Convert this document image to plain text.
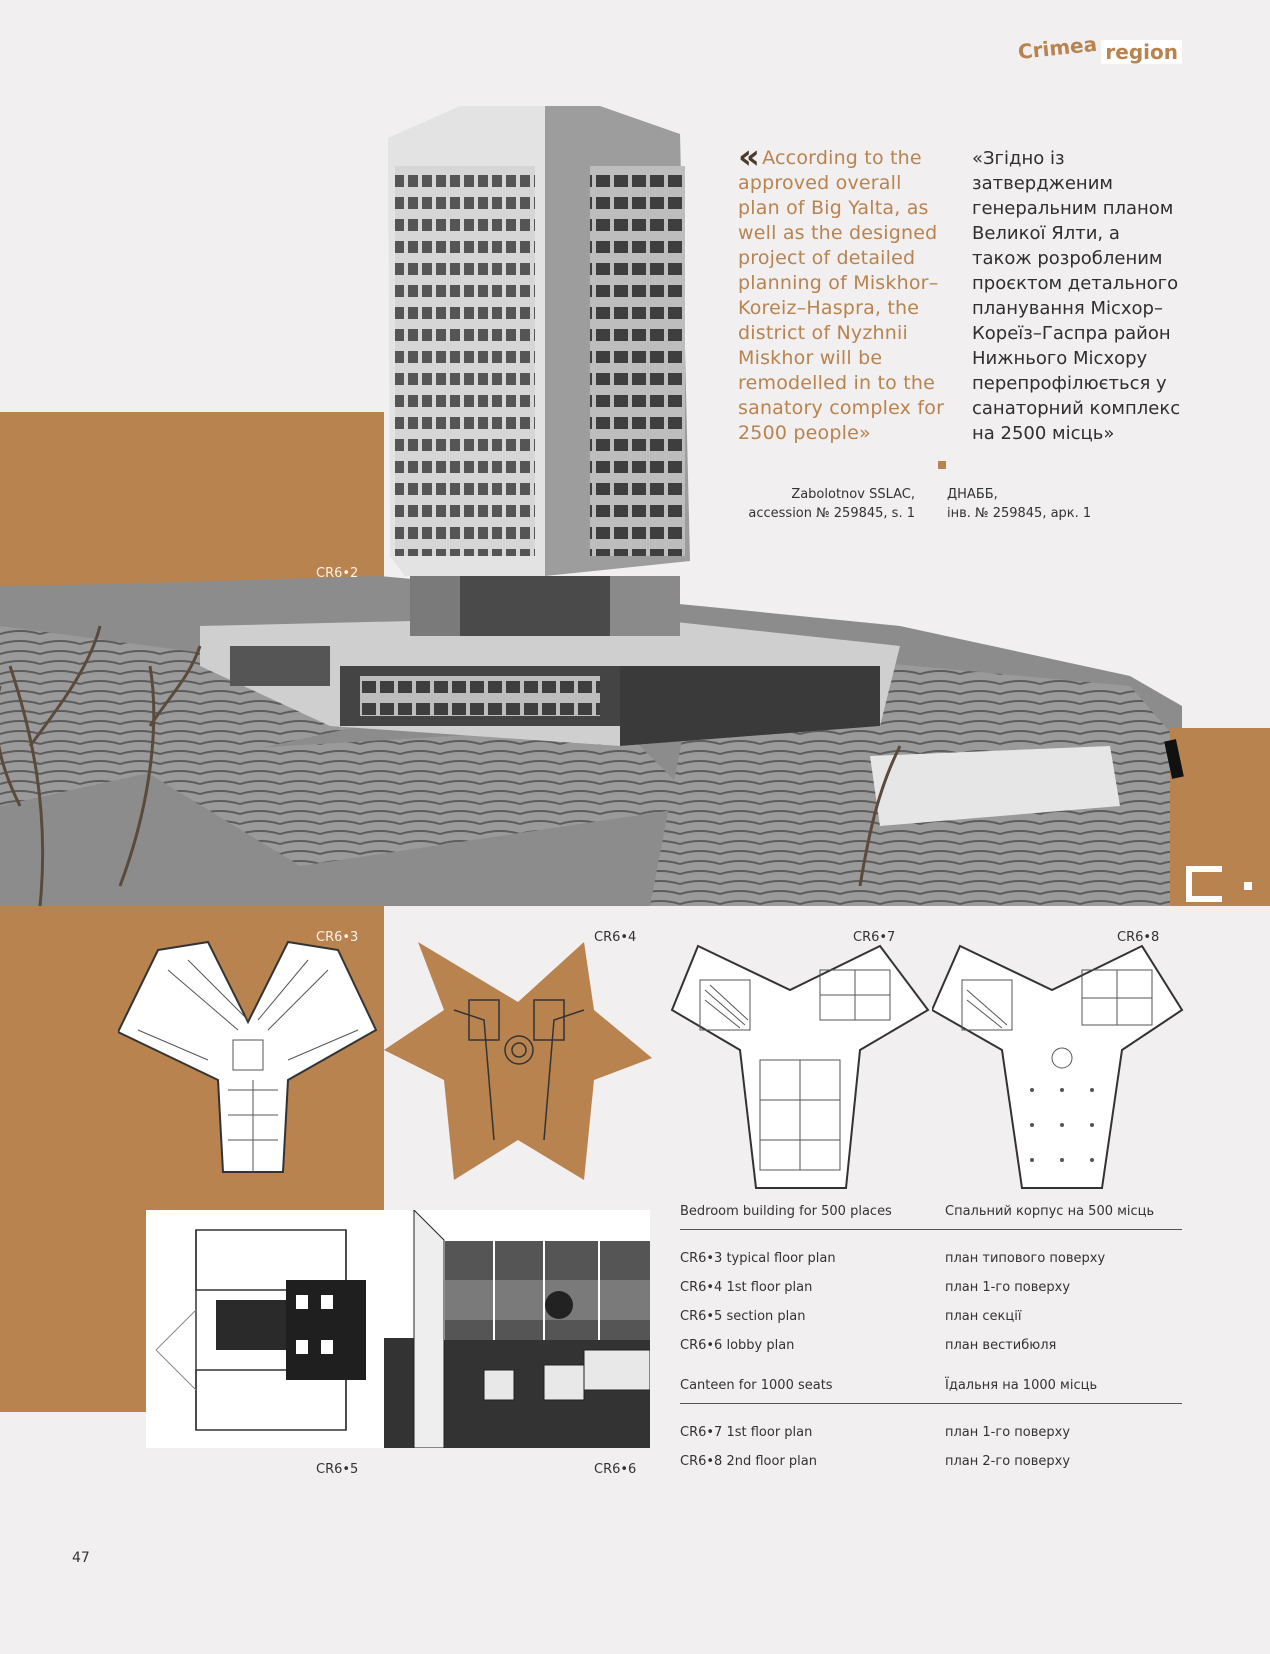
Crimea region
« According to the approved overall plan of Big Yalta, as well as the designed project of detailed planning of Miskhor–Koreiz–Haspra, the district of Nyzhnii Miskhor will be remodelled in to the sanatory complex for 2500 people»
«Згідно із затвердженим генеральним планом Великої Ялти, а також розробленим проєктом детального планування Місхор–Кореїз–Гаспра район Нижнього Місхору перепрофілюється у санаторний комплекс на 2500 місць»
Zabolotnov SSLAC,
accession № 259845, s. 1
ДНАББ,
інв. № 259845, арк. 1
CR6•2
CR6•3	CR6•4	CR6•7	CR6•8
CR6•5	CR6•6
Bedroom building for 500 places	Спальний корпус на 500 місць
CR6•3 typical floor plan	план типового поверху
CR6•4 1st floor plan	план 1-го поверху
CR6•5 section plan	план секції
CR6•6 lobby plan	план вестибюля
Canteen for 1000 seats	Їдальня на 1000 місць
CR6•7 1st floor plan	план 1-го поверху
CR6•8 2nd floor plan	план 2-го поверху
47
